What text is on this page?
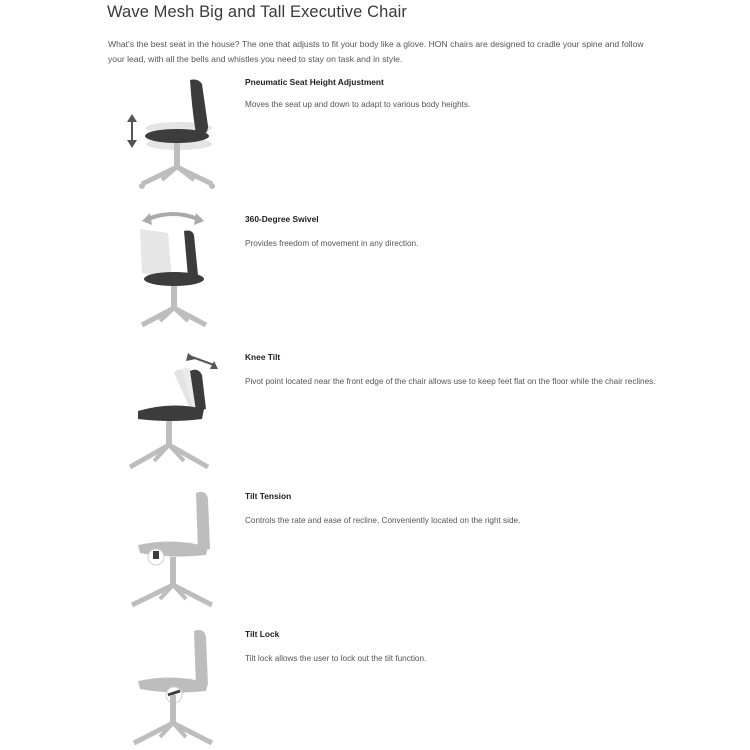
Wave Mesh Big and Tall Executive Chair
What's the best seat in the house? The one that adjusts to fit your body like a glove. HON chairs are designed to cradle your spine and follow your lead, with all the bells and whistles you need to stay on task and in style.
Pneumatic Seat Height Adjustment
Moves the seat up and down to adapt to various body heights.
360-Degree Swivel
Provides freedom of movement in any direction.
Knee Tilt
Pivot point located near the front edge of the chair allows use to keep feet flat on the floor while the chair reclines.
Tilt Tension
Controls the rate and ease of recline. Conveniently located on the right side.
Tilt Lock
Tilt lock allows the user to lock out the tilt function.
